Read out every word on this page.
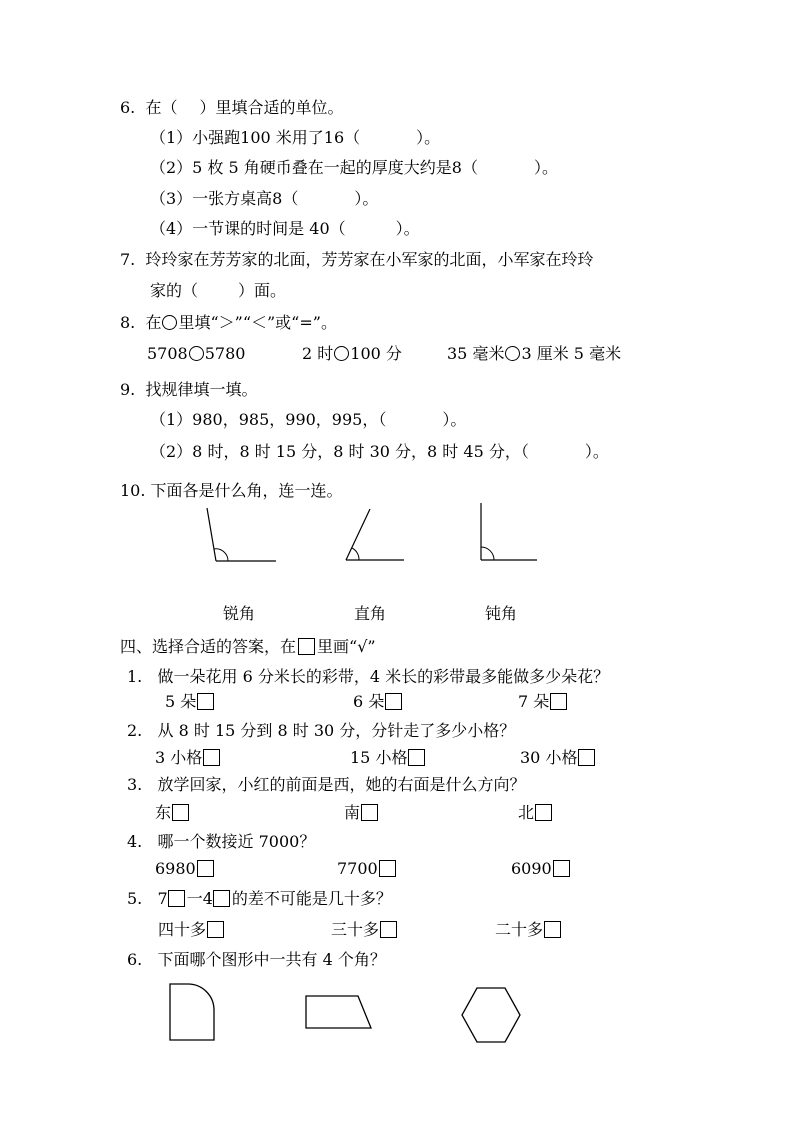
6. 在（ ）里填合适的单位。
（1）小强跑100 米用了16（	）。
（2）5 枚 5 角硬币叠在一起的厚度大约是8（	）。
（3）一张方桌高8（	）。
（4）一节课的时间是 40（	）。
7. 玲玲家在芳芳家的北面，芳芳家在小军家的北面，小军家在玲玲
家的（	）面。
8. 在 里填“＞”“＜”或“=”。
5708 5780	2 时 100 分	35 毫米 3 厘米 5 毫米
9. 找规律填一填。
（1）980，985，990，995，（	）。
（2）8 时，8 时 15 分，8 时 30 分，8 时 45 分，（	）。
10. 下面各是什么角，连一连。
锐角	直角	钝角
四、选择合适的答案，在 里画“√”
1. 做一朵花用 6 分米长的彩带，4 米长的彩带最多能做多少朵花？
5 朵	6 朵	7 朵
2. 从 8 时 15 分到 8 时 30 分，分针走了多少小格？
3 小格	15 小格	30 小格
3. 放学回家，小红的前面是西，她的右面是什么方向？
东	南	北
4. 哪一个数接近 7000？
6980	7700	6090
5. 7 一4 的差不可能是几十多？
四十多	三十多	二十多
6. 下面哪个图形中一共有 4 个角？
